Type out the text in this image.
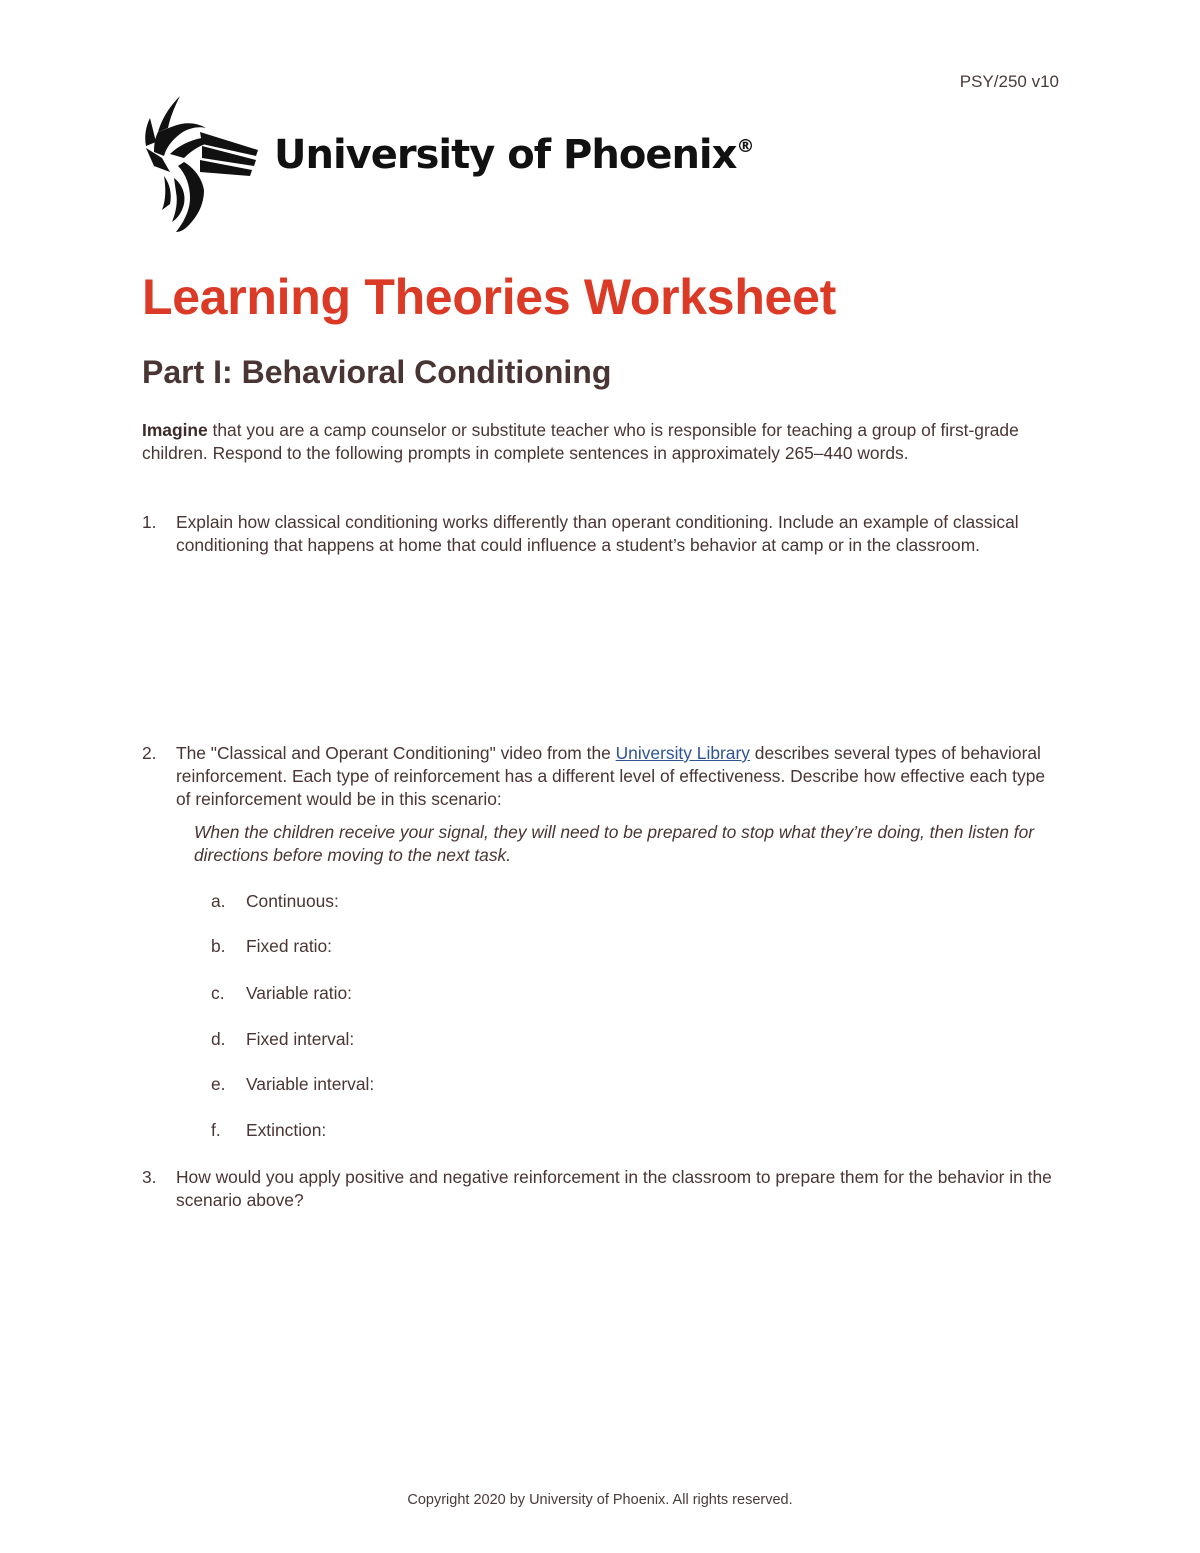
PSY/250 v10
University of Phoenix®
Learning Theories Worksheet
Part I: Behavioral Conditioning

Imagine that you are a camp counselor or substitute teacher who is responsible for teaching a group of first-grade children. Respond to the following prompts in complete sentences in approximately 265–440 words.

1. Explain how classical conditioning works differently than operant conditioning. Include an example of classical conditioning that happens at home that could influence a student’s behavior at camp or in the classroom.
2. The "Classical and Operant Conditioning" video from the University Library describes several types of behavioral reinforcement. Each type of reinforcement has a different level of effectiveness. Describe how effective each type of reinforcement would be in this scenario:
When the children receive your signal, they will need to be prepared to stop what they’re doing, then listen for directions before moving to the next task.
a. Continuous:
b. Fixed ratio:
c. Variable ratio:
d. Fixed interval:
e. Variable interval:
f. Extinction:
3. How would you apply positive and negative reinforcement in the classroom to prepare them for the behavior in the scenario above?
Copyright 2020 by University of Phoenix. All rights reserved.
